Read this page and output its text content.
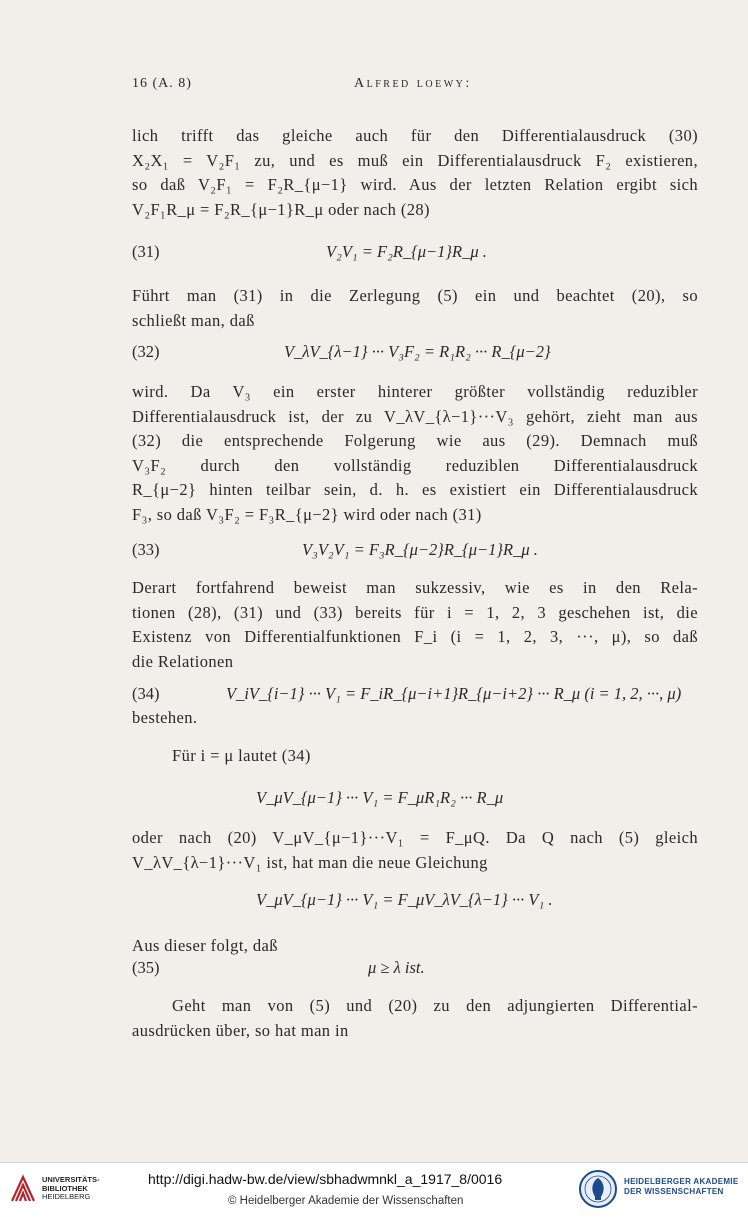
16 (A. 8)	Alfred loewy:
lich trifft das gleiche auch für den Differentialausdruck (30)
X₂X₁ = V₂F₁ zu, und es muß ein Differentialausdruck F₂ existieren,
so daß V₂F₁ = F₂R_{μ−1} wird. Aus der letzten Relation ergibt sich
V₂F₁R_μ = F₂R_{μ−1}R_μ oder nach (28)
(31)	V₂V₁ = F₂R_{μ−1}R_μ .
Führt man (31) in die Zerlegung (5) ein und beachtet (20), so
schließt man, daß
(32)	V_λV_{λ−1} ··· V₃F₂ = R₁R₂ ··· R_{μ−2}
wird. Da V₃ ein erster hinterer größter vollständig reduzibler
Differentialausdruck ist, der zu V_λV_{λ−1}···V₃ gehört, zieht man aus
(32) die entsprechende Folgerung wie aus (29). Demnach muß
V₃F₂ durch den vollständig reduziblen Differentialausdruck
R_{μ−2} hinten teilbar sein, d. h. es existiert ein Differentialausdruck
F₃, so daß V₃F₂ = F₃R_{μ−2} wird oder nach (31)
(33)	V₃V₂V₁ = F₃R_{μ−2}R_{μ−1}R_μ .
Derart fortfahrend beweist man sukzessiv, wie es in den Rela-
tionen (28), (31) und (33) bereits für i = 1, 2, 3 geschehen ist, die
Existenz von Differentialfunktionen F_i (i = 1, 2, 3, ···, μ), so daß
die Relationen
(34)	V_iV_{i−1} ··· V₁ = F_iR_{μ−i+1}R_{μ−i+2} ··· R_μ (i = 1, 2, ···, μ)
bestehen.
Für i = μ lautet (34)
V_μV_{μ−1} ··· V₁ = F_μR₁R₂ ··· R_μ
oder nach (20) V_μV_{μ−1}···V₁ = F_μQ. Da Q nach (5) gleich
V_λV_{λ−1}···V₁ ist, hat man die neue Gleichung
V_μV_{μ−1} ··· V₁ = F_μV_λV_{λ−1} ··· V₁ .
Aus dieser folgt, daß
(35)	μ ≥ λ ist.
Geht man von (5) und (20) zu den adjungierten Differential-
ausdrücken über, so hat man in
UNIVERSITÄTS-
BIBLIOTHEK
HEIDELBERG
http://digi.hadw-bw.de/view/sbhadwmnkl_a_1917_8/0016
© Heidelberger Akademie der Wissenschaften
HEIDELBERGER AKADEMIE
DER WISSENSCHAFTEN
